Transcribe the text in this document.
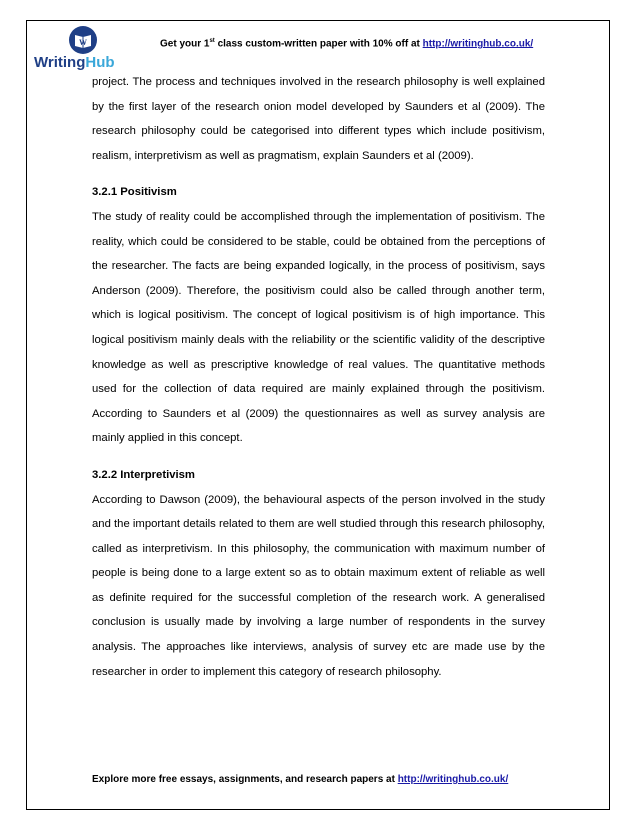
W
WritingHub
Get your 1st class custom-written paper with 10% off at http://writinghub.co.uk/

project. The process and techniques involved in the research philosophy is well explained by the first layer of the research onion model developed by Saunders et al (2009). The research philosophy could be categorised into different types which include positivism, realism, interpretivism as well as pragmatism, explain Saunders et al (2009).

3.2.1 Positivism

The study of reality could be accomplished through the implementation of positivism. The reality, which could be considered to be stable, could be obtained from the perceptions of the researcher. The facts are being expanded logically, in the process of positivism, says Anderson (2009). Therefore, the positivism could also be called through another term, which is logical positivism. The concept of logical positivism is of high importance. This logical positivism mainly deals with the reliability or the scientific validity of the descriptive knowledge as well as prescriptive knowledge of real values. The quantitative methods used for the collection of data required are mainly explained through the positivism. According to Saunders et al (2009) the questionnaires as well as survey analysis are mainly applied in this concept.

3.2.2 Interpretivism

According to Dawson (2009), the behavioural aspects of the person involved in the study and the important details related to them are well studied through this research philosophy, called as interpretivism. In this philosophy, the communication with maximum number of people is being done to a large extent so as to obtain maximum extent of reliable as well as definite required for the successful completion of the research work. A generalised conclusion is usually made by involving a large number of respondents in the survey analysis. The approaches like interviews, analysis of survey etc are made use by the researcher in order to implement this category of research philosophy.

Explore more free essays, assignments, and research papers at http://writinghub.co.uk/
